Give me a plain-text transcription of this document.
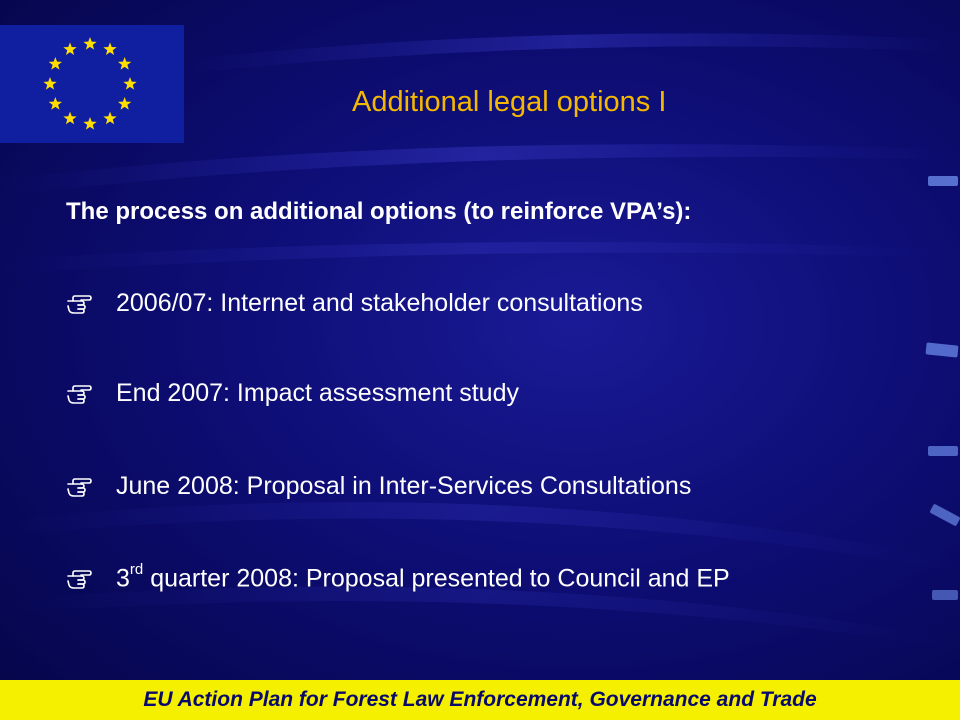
Additional legal options I
The process on additional options (to reinforce VPA’s):
2006/07: Internet and stakeholder consultations
End 2007: Impact assessment study
June 2008: Proposal in Inter-Services Consultations
3rd quarter 2008: Proposal presented to Council and EP
EU Action Plan for Forest Law Enforcement, Governance and Trade
